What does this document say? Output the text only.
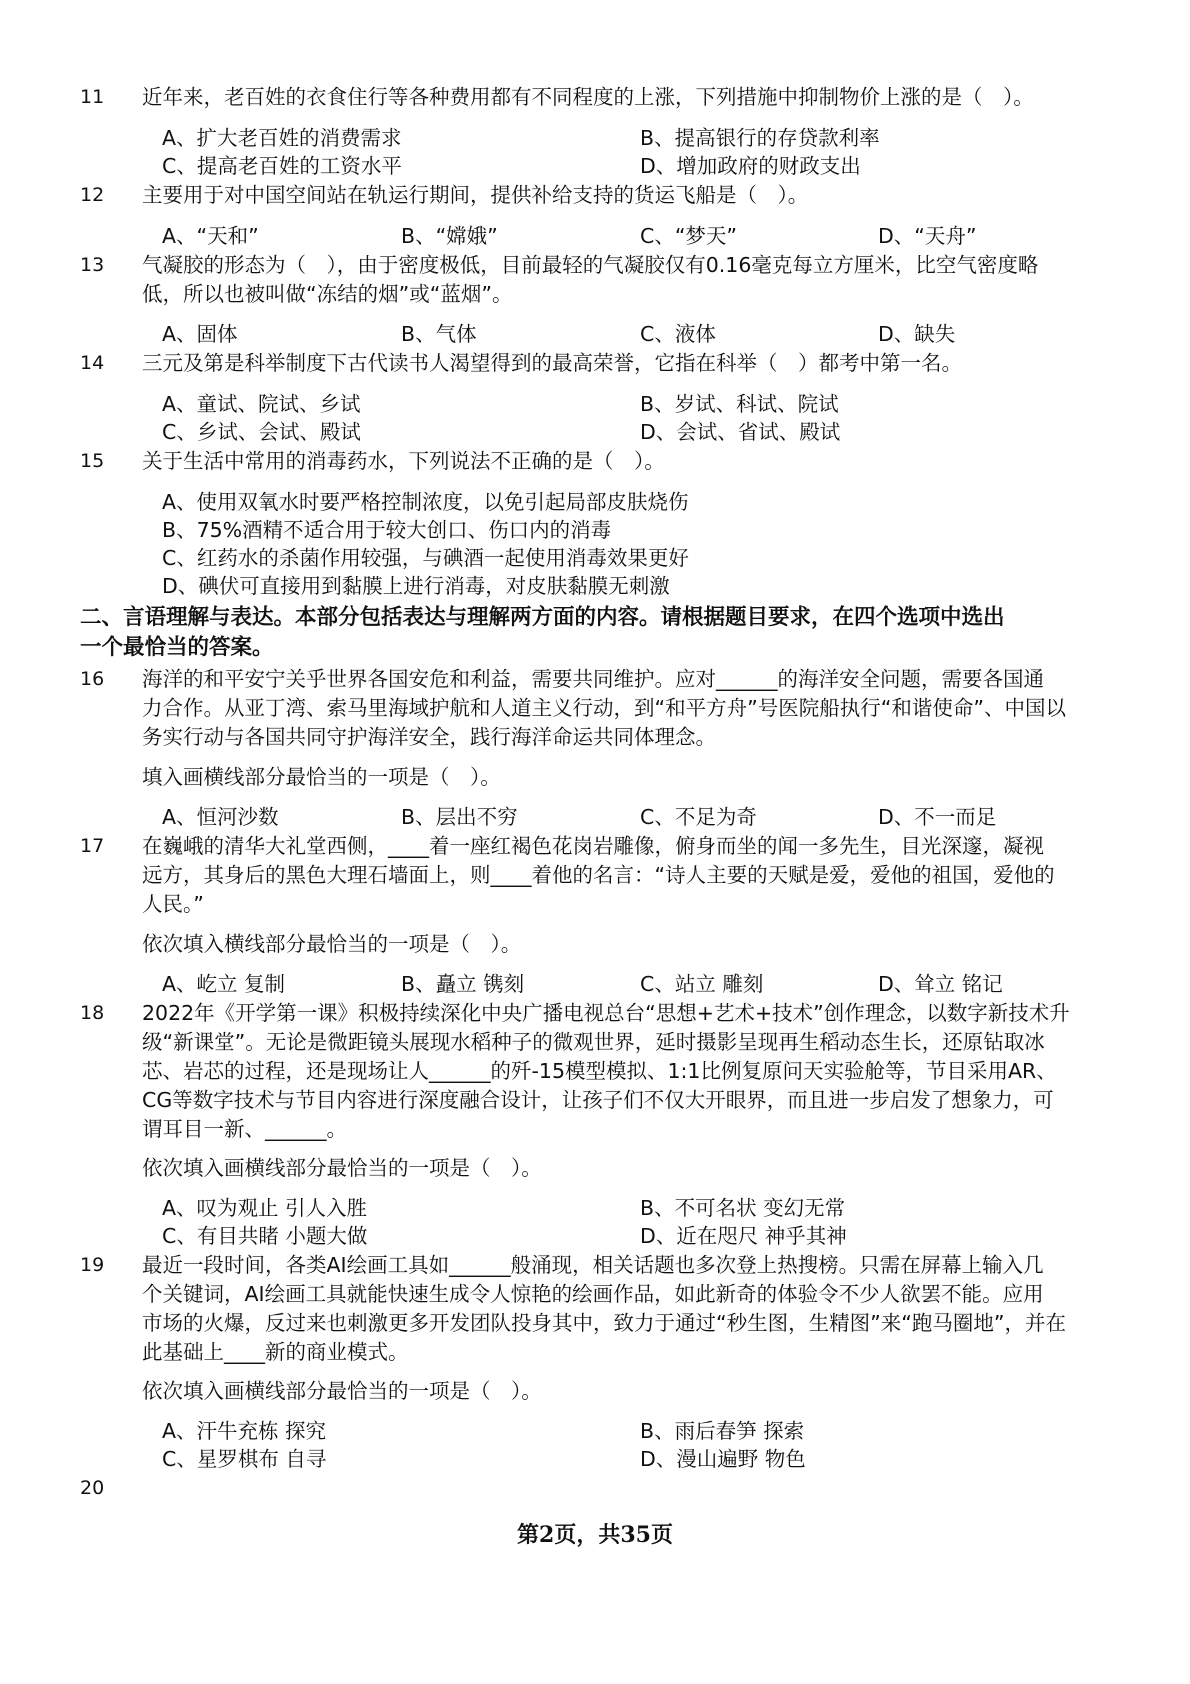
11 近年来，老百姓的衣食住行等各种费用都有不同程度的上涨，下列措施中抑制物价上涨的是（　）。
A、扩大老百姓的消费需求	B、提高银行的存贷款利率
C、提高老百姓的工资水平	D、增加政府的财政支出
12 主要用于对中国空间站在轨运行期间，提供补给支持的货运飞船是（　）。
A、“天和”	B、“嫦娥”	C、“梦天”	D、“天舟”
13 气凝胶的形态为（　），由于密度极低，目前最轻的气凝胶仅有0.16毫克每立方厘米，比空气密度略
低，所以也被叫做“冻结的烟”或“蓝烟”。
A、固体	B、气体	C、液体	D、缺失
14 三元及第是科举制度下古代读书人渴望得到的最高荣誉，它指在科举（　）都考中第一名。
A、童试、院试、乡试	B、岁试、科试、院试
C、乡试、会试、殿试	D、会试、省试、殿试
15 关于生活中常用的消毒药水，下列说法不正确的是（　）。
A、使用双氧水时要严格控制浓度，以免引起局部皮肤烧伤
B、75%酒精不适合用于较大创口、伤口内的消毒
C、红药水的杀菌作用较强，与碘酒一起使用消毒效果更好
D、碘伏可直接用到黏膜上进行消毒，对皮肤黏膜无刺激
二、言语理解与表达。本部分包括表达与理解两方面的内容。请根据题目要求，在四个选项中选出
一个最恰当的答案。
16 海洋的和平安宁关乎世界各国安危和利益，需要共同维护。应对______的海洋安全问题，需要各国通
力合作。从亚丁湾、索马里海域护航和人道主义行动，到“和平方舟”号医院船执行“和谐使命”、中国以
务实行动与各国共同守护海洋安全，践行海洋命运共同体理念。
填入画横线部分最恰当的一项是（　）。
A、恒河沙数	B、层出不穷	C、不足为奇	D、不一而足
17 在巍峨的清华大礼堂西侧，____着一座红褐色花岗岩雕像，俯身而坐的闻一多先生，目光深邃，凝视
远方，其身后的黑色大理石墙面上，则____着他的名言：“诗人主要的天赋是爱，爱他的祖国，爱他的
人民。”
依次填入横线部分最恰当的一项是（　）。
A、屹立 复制	B、矗立 镌刻	C、站立 雕刻	D、耸立 铭记
18 2022年《开学第一课》积极持续深化中央广播电视总台“思想+艺术+技术”创作理念，以数字新技术升
级“新课堂”。无论是微距镜头展现水稻种子的微观世界，延时摄影呈现再生稻动态生长，还原钻取冰
芯、岩芯的过程，还是现场让人______的歼-15模型模拟、1:1比例复原问天实验舱等，节目采用AR、
CG等数字技术与节目内容进行深度融合设计，让孩子们不仅大开眼界，而且进一步启发了想象力，可
谓耳目一新、______。
依次填入画横线部分最恰当的一项是（　）。
A、叹为观止 引人入胜	B、不可名状 变幻无常
C、有目共睹 小题大做	D、近在咫尺 神乎其神
19 最近一段时间，各类AI绘画工具如______般涌现，相关话题也多次登上热搜榜。只需在屏幕上输入几
个关键词，AI绘画工具就能快速生成令人惊艳的绘画作品，如此新奇的体验令不少人欲罢不能。应用
市场的火爆，反过来也刺激更多开发团队投身其中，致力于通过“秒生图，生精图”来“跑马圈地”，并在
此基础上____新的商业模式。
依次填入画横线部分最恰当的一项是（　）。
A、汗牛充栋 探究	B、雨后春笋 探索
C、星罗棋布 自寻	D、漫山遍野 物色
20
第2页，共35页
